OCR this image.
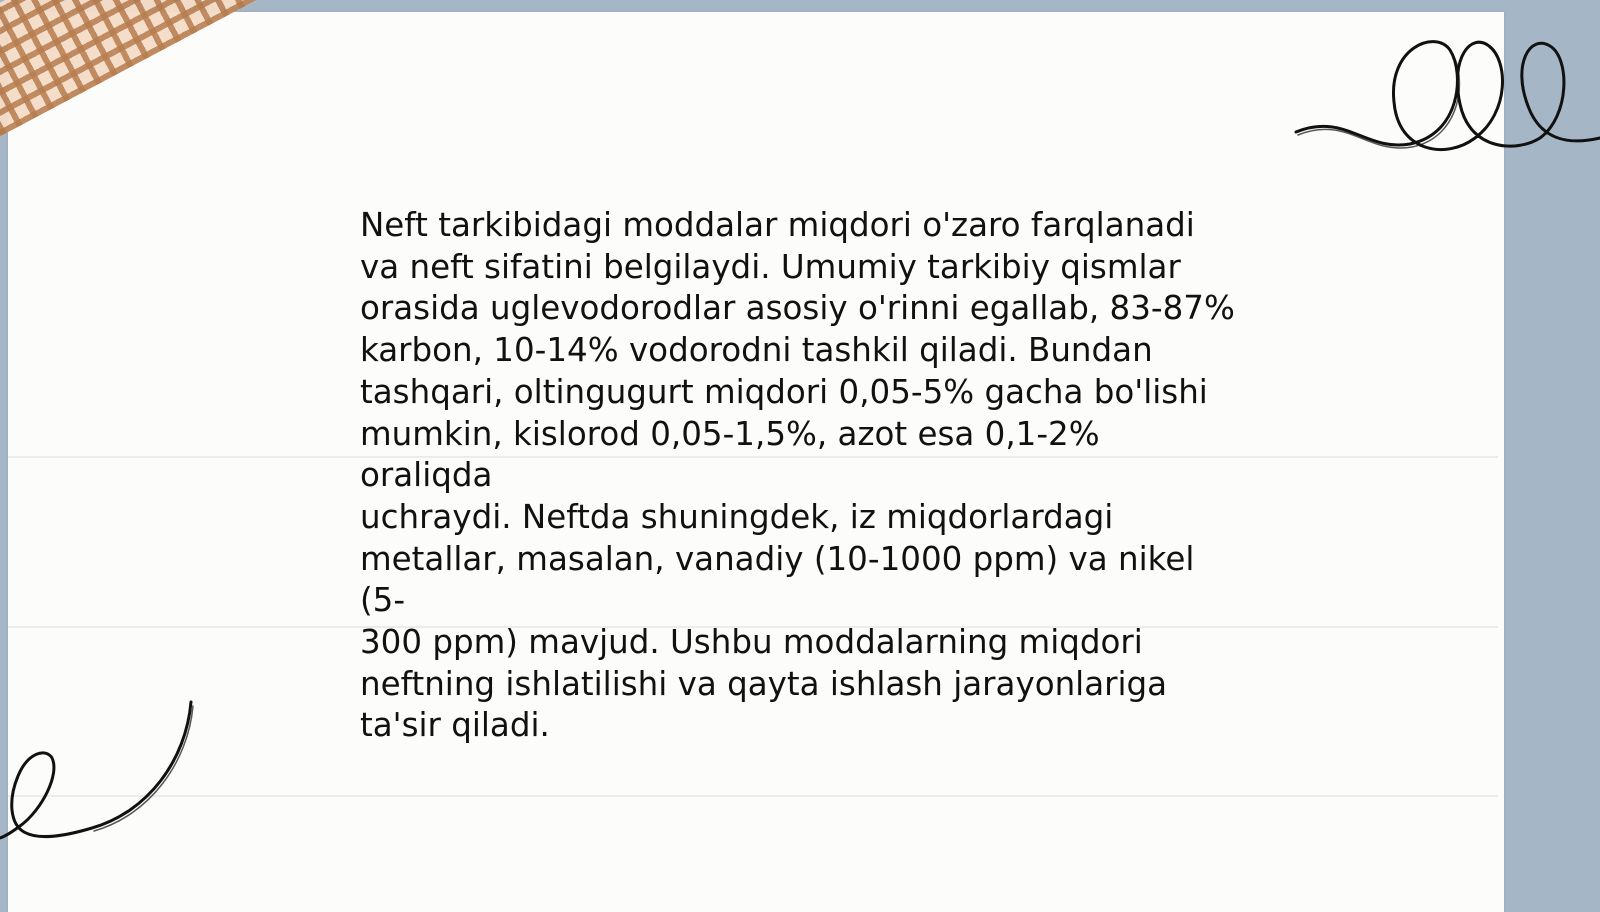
Neft tarkibidagi moddalar miqdori o'zaro farqlanadi
va neft sifatini belgilaydi. Umumiy tarkibiy qismlar
orasida uglevodorodlar asosiy o'rinni egallab, 83-87%
karbon, 10-14% vodorodni tashkil qiladi. Bundan
tashqari, oltingugurt miqdori 0,05-5% gacha bo'lishi
mumkin, kislorod 0,05-1,5%, azot esa 0,1-2% oraliqda
uchraydi. Neftda shuningdek, iz miqdorlardagi
metallar, masalan, vanadiy (10-1000 ppm) va nikel (5-
300 ppm) mavjud. Ushbu moddalarning miqdori
neftning ishlatilishi va qayta ishlash jarayonlariga
ta'sir qiladi.
